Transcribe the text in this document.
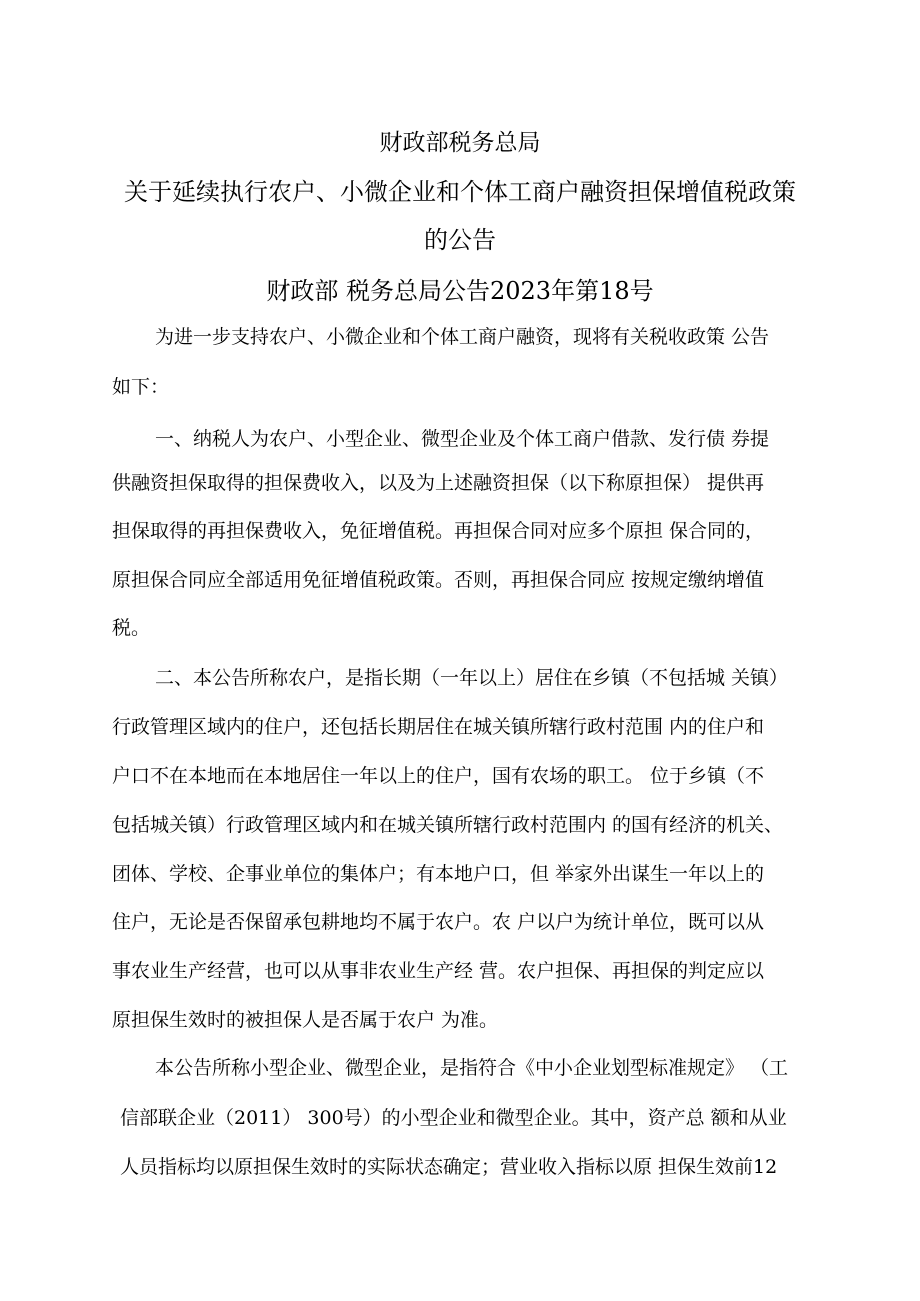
财政部税务总局
关于延续执行农户、小微企业和个体工商户融资担保增值税政策
的公告
财政部 税务总局公告2023年第18号
为进一步支持农户、小微企业和个体工商户融资，现将有关税收政策 公告
如下：
一、纳税人为农户、小型企业、微型企业及个体工商户借款、发行债 券提
供融资担保取得的担保费收入，以及为上述融资担保（以下称原担保） 提供再
担保取得的再担保费收入，免征增值税。再担保合同对应多个原担 保合同的，
原担保合同应全部适用免征增值税政策。否则，再担保合同应 按规定缴纳增值
税。
二、本公告所称农户，是指长期（一年以上）居住在乡镇（不包括城 关镇）
行政管理区域内的住户，还包括长期居住在城关镇所辖行政村范围 内的住户和
户口不在本地而在本地居住一年以上的住户，国有农场的职工。 位于乡镇（不
包括城关镇）行政管理区域内和在城关镇所辖行政村范围内 的国有经济的机关、
团体、学校、企事业单位的集体户；有本地户口，但 举家外出谋生一年以上的
住户，无论是否保留承包耕地均不属于农户。农 户以户为统计单位，既可以从
事农业生产经营，也可以从事非农业生产经 营。农户担保、再担保的判定应以
原担保生效时的被担保人是否属于农户 为准。
本公告所称小型企业、微型企业，是指符合《中小企业划型标准规定》 （工
信部联企业（2011） 300号）的小型企业和微型企业。其中，资产总 额和从业
人员指标均以原担保生效时的实际状态确定；营业收入指标以原 担保生效前12
